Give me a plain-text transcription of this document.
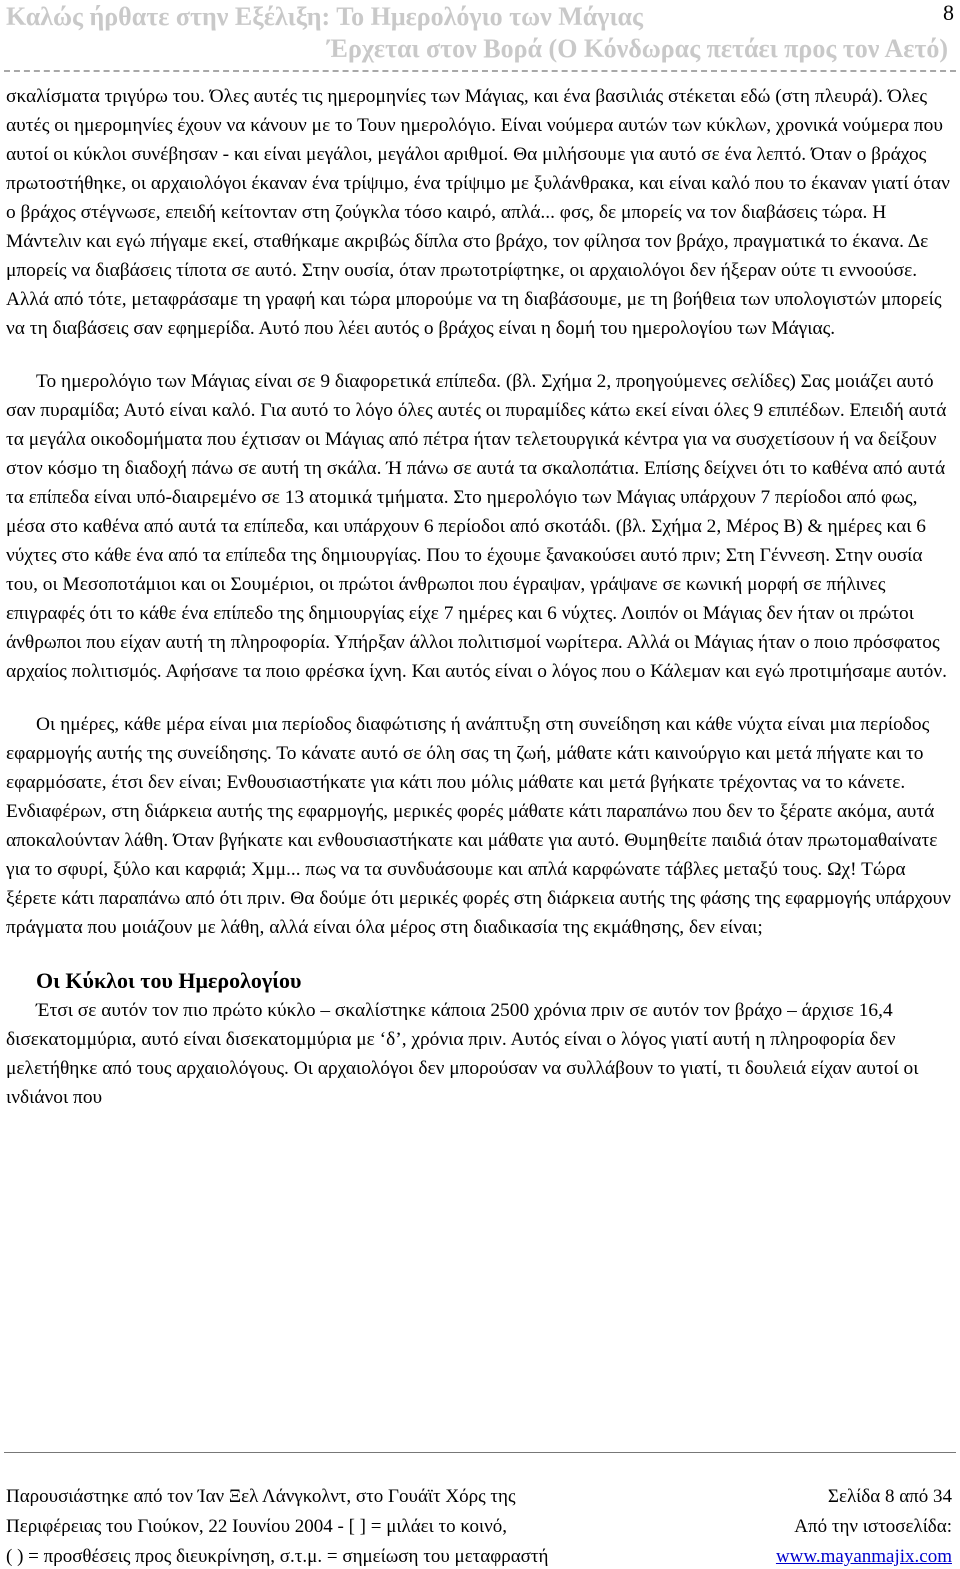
Καλώς ήρθατε στην Εξέλιξη: Το Ημερολόγιο των Μάγιας
Έρχεται στον Βορά (Ο Κόνδωρας πετάει προς τον Αετό)
8

σκαλίσματα τριγύρω του. Όλες αυτές τις ημερομηνίες των Μάγιας, και ένα βασιλιάς στέκεται εδώ (στη πλευρά). Όλες αυτές οι ημερομηνίες έχουν να κάνουν με το Τουν ημερολόγιο. Είναι νούμερα αυτών των κύκλων, χρονικά νούμερα που αυτοί οι κύκλοι συνέβησαν - και είναι μεγάλοι, μεγάλοι αριθμοί. Θα μιλήσουμε για αυτό σε ένα λεπτό. Όταν ο βράχος πρωτοστήθηκε, οι αρχαιολόγοι έκαναν ένα τρίψιμο, ένα τρίψιμο με ξυλάνθρακα, και είναι καλό που το έκαναν γιατί όταν ο βράχος στέγνωσε, επειδή κείτονταν στη ζούγκλα τόσο καιρό, απλά... φσς, δε μπορείς να τον διαβάσεις τώρα. Η Μάντελιν και εγώ πήγαμε εκεί, σταθήκαμε ακριβώς δίπλα στο βράχο, τον φίλησα τον βράχο, πραγματικά το έκανα. Δε μπορείς να διαβάσεις τίποτα σε αυτό. Στην ουσία, όταν πρωτοτρίφτηκε, οι αρχαιολόγοι δεν ήξεραν ούτε τι εννοούσε. Αλλά από τότε, μεταφράσαμε τη γραφή και τώρα μπορούμε να τη διαβάσουμε, με τη βοήθεια των υπολογιστών μπορείς να τη διαβάσεις σαν εφημερίδα. Αυτό που λέει αυτός ο βράχος είναι η δομή του ημερολογίου των Μάγιας.

Το ημερολόγιο των Μάγιας είναι σε 9 διαφορετικά επίπεδα. (βλ. Σχήμα 2, προηγούμενες σελίδες) Σας μοιάζει αυτό σαν πυραμίδα; Αυτό είναι καλό. Για αυτό το λόγο όλες αυτές οι πυραμίδες κάτω εκεί είναι όλες 9 επιπέδων. Επειδή αυτά τα μεγάλα οικοδομήματα που έχτισαν οι Μάγιας από πέτρα ήταν τελετουργικά κέντρα για να συσχετίσουν ή να δείξουν στον κόσμο τη διαδοχή πάνω σε αυτή τη σκάλα. Ή πάνω σε αυτά τα σκαλοπάτια. Επίσης δείχνει ότι το καθένα από αυτά τα επίπεδα είναι υπό-διαιρεμένο σε 13 ατομικά τμήματα. Στο ημερολόγιο των Μάγιας υπάρχουν 7 περίοδοι από φως, μέσα στο καθένα από αυτά τα επίπεδα, και υπάρχουν 6 περίοδοι από σκοτάδι. (βλ. Σχήμα 2, Μέρος B) & ημέρες και 6 νύχτες στο κάθε ένα από τα επίπεδα της δημιουργίας. Που το έχουμε ξανακούσει αυτό πριν; Στη Γέννεση. Στην ουσία του, οι Μεσοποτάμιοι και οι Σουμέριοι, οι πρώτοι άνθρωποι που έγραψαν, γράψανε σε κωνική μορφή σε πήλινες επιγραφές ότι το κάθε ένα επίπεδο της δημιουργίας είχε 7 ημέρες και 6 νύχτες. Λοιπόν οι Μάγιας δεν ήταν οι πρώτοι άνθρωποι που είχαν αυτή τη πληροφορία. Υπήρξαν άλλοι πολιτισμοί νωρίτερα. Αλλά οι Μάγιας ήταν ο ποιο πρόσφατος αρχαίος πολιτισμός. Αφήσανε τα ποιο φρέσκα ίχνη. Και αυτός είναι ο λόγος που ο Κάλεμαν και εγώ προτιμήσαμε αυτόν.

Οι ημέρες, κάθε μέρα είναι μια περίοδος διαφώτισης ή ανάπτυξη στη συνείδηση και κάθε νύχτα είναι μια περίοδος εφαρμογής αυτής της συνείδησης. Το κάνατε αυτό σε όλη σας τη ζωή, μάθατε κάτι καινούργιο και μετά πήγατε και το εφαρμόσατε, έτσι δεν είναι; Ενθουσιαστήκατε για κάτι που μόλις μάθατε και μετά βγήκατε τρέχοντας να το κάνετε. Ενδιαφέρων, στη διάρκεια αυτής της εφαρμογής, μερικές φορές μάθατε κάτι παραπάνω που δεν το ξέρατε ακόμα, αυτά αποκαλούνταν λάθη. Όταν βγήκατε και ενθουσιαστήκατε και μάθατε για αυτό. Θυμηθείτε παιδιά όταν πρωτομαθαίνατε για το σφυρί, ξύλο και καρφιά; Χμμ... πως να τα συνδυάσουμε και απλά καρφώνατε τάβλες μεταξύ τους. Ωχ! Τώρα ξέρετε κάτι παραπάνω από ότι πριν. Θα δούμε ότι μερικές φορές στη διάρκεια αυτής της φάσης της εφαρμογής υπάρχουν πράγματα που μοιάζουν με λάθη, αλλά είναι όλα μέρος στη διαδικασία της εκμάθησης, δεν είναι;

Οι Κύκλοι του Ημερολογίου

Έτσι σε αυτόν τον πιο πρώτο κύκλο – σκαλίστηκε κάποια 2500 χρόνια πριν σε αυτόν τον βράχο – άρχισε 16,4 δισεκατομμύρια, αυτό είναι δισεκατομμύρια με ‘δ’, χρόνια πριν. Αυτός είναι ο λόγος γιατί αυτή η πληροφορία δεν μελετήθηκε από τους αρχαιολόγους. Οι αρχαιολόγοι δεν μπορούσαν να συλλάβουν το γιατί, τι δουλειά είχαν αυτοί οι ινδιάνοι που

Παρουσιάστηκε από τον Ίαν Ξελ Λάνγκολντ, στο Γουάϊτ Χόρς της
Περιφέρειας του Γιούκον, 22 Ιουνίου 2004 - [ ] = μιλάει το κοινό,
( ) = προσθέσεις προς διευκρίνηση, σ.τ.μ. = σημείωση του μεταφραστή
Σελίδα 8 από 34
Από την ιστοσελίδα:
www.mayanmajix.com
